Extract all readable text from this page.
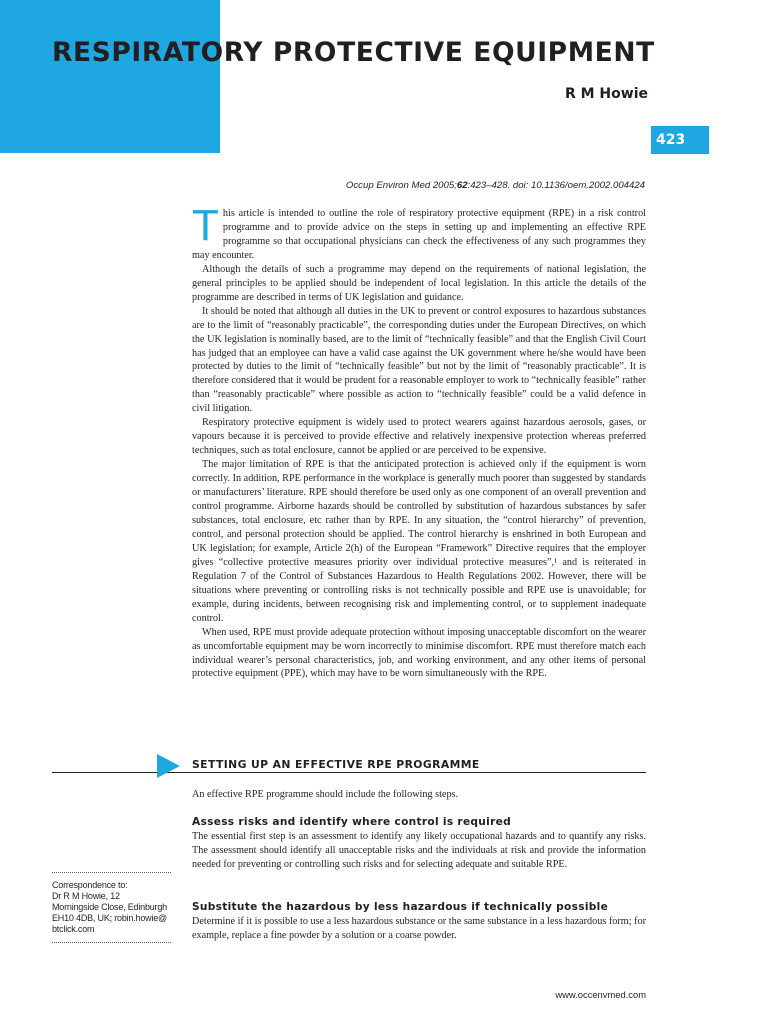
RESPIRATORY PROTECTIVE EQUIPMENT
R M Howie
423
Occup Environ Med 2005;62:423–428. doi: 10.1136/oem.2002.004424

This article is intended to outline the role of respiratory protective equipment (RPE) in a risk control programme and to provide advice on the steps in setting up and implementing an effective RPE programme so that occupational physicians can check the effectiveness of any such programmes they may encounter.

Although the details of such a programme may depend on the requirements of national legislation, the general principles to be applied should be independent of local legislation. In this article the details of the programme are described in terms of UK legislation and guidance.

It should be noted that although all duties in the UK to prevent or control exposures to hazardous substances are to the limit of “reasonably practicable”, the corresponding duties under the European Directives, on which the UK legislation is nominally based, are to the limit of “technically feasible” and that the English Civil Court has judged that an employee can have a valid case against the UK government where he/she would have been protected by duties to the limit of “technically feasible” but not by the limit of “reasonably practicable”. It is therefore considered that it would be prudent for a reasonable employer to work to “technically feasible” rather than “reasonably practicable” where possible as action to “technically feasible” could be a valid defence in civil litigation.

Respiratory protective equipment is widely used to protect wearers against hazardous aerosols, gases, or vapours because it is perceived to provide effective and relatively inexpensive protection whereas preferred techniques, such as total enclosure, cannot be applied or are perceived to be expensive.

The major limitation of RPE is that the anticipated protection is achieved only if the equipment is worn correctly. In addition, RPE performance in the workplace is generally much poorer than suggested by standards or manufacturers’ literature. RPE should therefore be used only as one component of an overall prevention and control programme. Airborne hazards should be controlled by substitution of hazardous substances by safer substances, total enclosure, etc rather than by RPE. In any situation, the “control hierarchy” of prevention, control, and personal protection should be applied. The control hierarchy is enshrined in both European and UK legislation; for example, Article 2(h) of the European “Framework” Directive requires that the employer gives “collective protective measures priority over individual protective measures”,¹ and is reiterated in Regulation 7 of the Control of Substances Hazardous to Health Regulations 2002. However, there will be situations where preventing or controlling risks is not technically possible and RPE use is unavoidable; for example, during incidents, between recognising risk and implementing control, or to supplement inadequate control.

When used, RPE must provide adequate protection without imposing unacceptable discomfort on the wearer as uncomfortable equipment may be worn incorrectly to minimise discomfort. RPE must therefore match each individual wearer’s personal characteristics, job, and working environment, and any other items of personal protective equipment (PPE), which may have to be worn simultaneously with the RPE.

SETTING UP AN EFFECTIVE RPE PROGRAMME

An effective RPE programme should include the following steps.

Assess risks and identify where control is required

The essential first step is an assessment to identify any likely occupational hazards and to quantify any risks. The assessment should identify all unacceptable risks and the individuals at risk and provide the information needed for preventing or controlling such risks and for selecting adequate and suitable RPE.

Substitute the hazardous by less hazardous if technically possible

Determine if it is possible to use a less hazardous substance or the same substance in a less hazardous form; for example, replace a fine powder by a solution or a coarse powder.

Correspondence to:
Dr R M Howie, 12
Morningside Close, Edinburgh
EH10 4DB, UK; robin.howie@
btclick.com
www.occenvmed.com
